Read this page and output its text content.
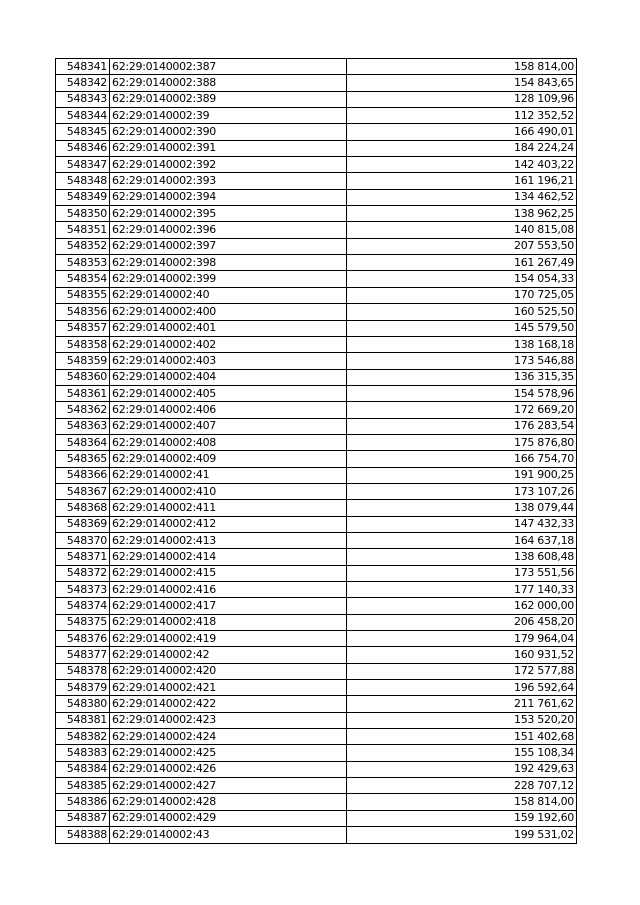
548341	62:29:0140002:387	158 814,00
548342	62:29:0140002:388	154 843,65
548343	62:29:0140002:389	128 109,96
548344	62:29:0140002:39	112 352,52
548345	62:29:0140002:390	166 490,01
548346	62:29:0140002:391	184 224,24
548347	62:29:0140002:392	142 403,22
548348	62:29:0140002:393	161 196,21
548349	62:29:0140002:394	134 462,52
548350	62:29:0140002:395	138 962,25
548351	62:29:0140002:396	140 815,08
548352	62:29:0140002:397	207 553,50
548353	62:29:0140002:398	161 267,49
548354	62:29:0140002:399	154 054,33
548355	62:29:0140002:40	170 725,05
548356	62:29:0140002:400	160 525,50
548357	62:29:0140002:401	145 579,50
548358	62:29:0140002:402	138 168,18
548359	62:29:0140002:403	173 546,88
548360	62:29:0140002:404	136 315,35
548361	62:29:0140002:405	154 578,96
548362	62:29:0140002:406	172 669,20
548363	62:29:0140002:407	176 283,54
548364	62:29:0140002:408	175 876,80
548365	62:29:0140002:409	166 754,70
548366	62:29:0140002:41	191 900,25
548367	62:29:0140002:410	173 107,26
548368	62:29:0140002:411	138 079,44
548369	62:29:0140002:412	147 432,33
548370	62:29:0140002:413	164 637,18
548371	62:29:0140002:414	138 608,48
548372	62:29:0140002:415	173 551,56
548373	62:29:0140002:416	177 140,33
548374	62:29:0140002:417	162 000,00
548375	62:29:0140002:418	206 458,20
548376	62:29:0140002:419	179 964,04
548377	62:29:0140002:42	160 931,52
548378	62:29:0140002:420	172 577,88
548379	62:29:0140002:421	196 592,64
548380	62:29:0140002:422	211 761,62
548381	62:29:0140002:423	153 520,20
548382	62:29:0140002:424	151 402,68
548383	62:29:0140002:425	155 108,34
548384	62:29:0140002:426	192 429,63
548385	62:29:0140002:427	228 707,12
548386	62:29:0140002:428	158 814,00
548387	62:29:0140002:429	159 192,60
548388	62:29:0140002:43	199 531,02
